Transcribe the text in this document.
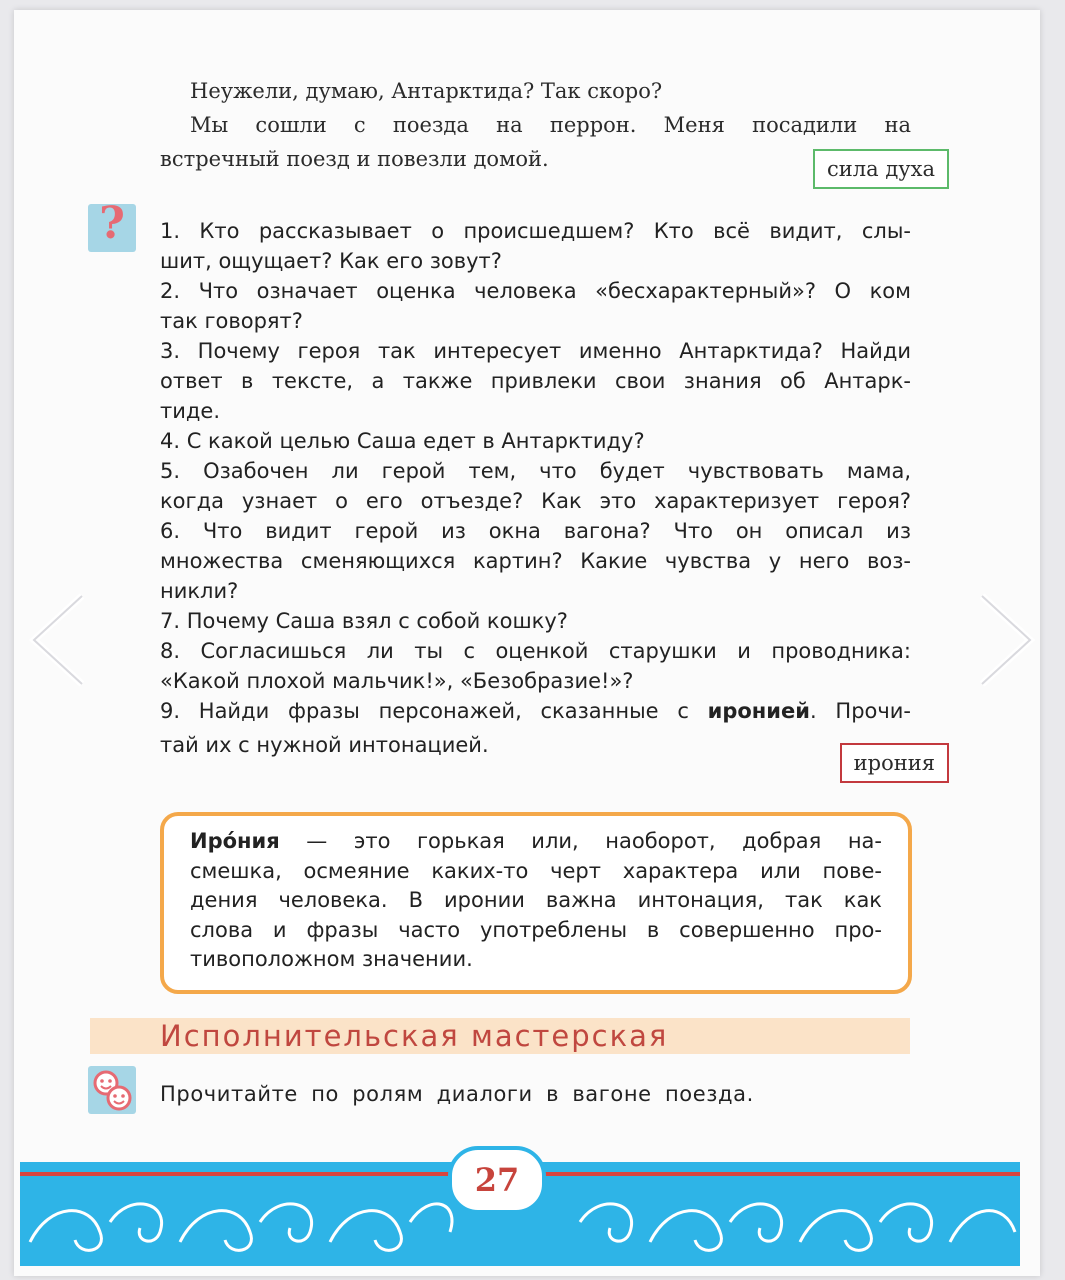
Неужели, думаю, Антарктида? Так скоро?

Мы сошли с поезда на перрон. Меня посадили на

встречный поезд и повезли домой.	сила духа
?	1. Кто рассказывает о происшедшем? Кто всё видит, слы-
шит, ощущает? Как его зовут?
2. Что означает оценка человека «бесхарактерный»? О ком
так говорят?
3. Почему героя так интересует именно Антарктида? Найди
ответ в тексте, а также привлеки свои знания об Антарк-
тиде.
4. С какой целью Саша едет в Антарктиду?
5. Озабочен ли герой тем, что будет чувствовать мама,
когда узнает о его отъезде? Как это характеризует героя?
6. Что видит герой из окна вагона? Что он описал из
множества сменяющихся картин? Какие чувства у него воз-
никли?
7. Почему Саша взял с собой кошку?
8. Согласишься ли ты с оценкой старушки и проводника:
«Какой плохой мальчик!», «Безобразие!»?
9. Найди фразы персонажей, сказанные с иронией. Прочи-
тай их с нужной интонацией.
ирония
Иро́ния — это горькая или, наоборот, добрая на-
смешка, осмеяние каких-то черт характера или пове-
дения человека. В иронии важна интонация, так как
слова и фразы часто употреблены в совершенно про-
тивоположном значении.
Исполнительская мастерская
Прочитайте по ролям диалоги в вагоне поезда.
27
